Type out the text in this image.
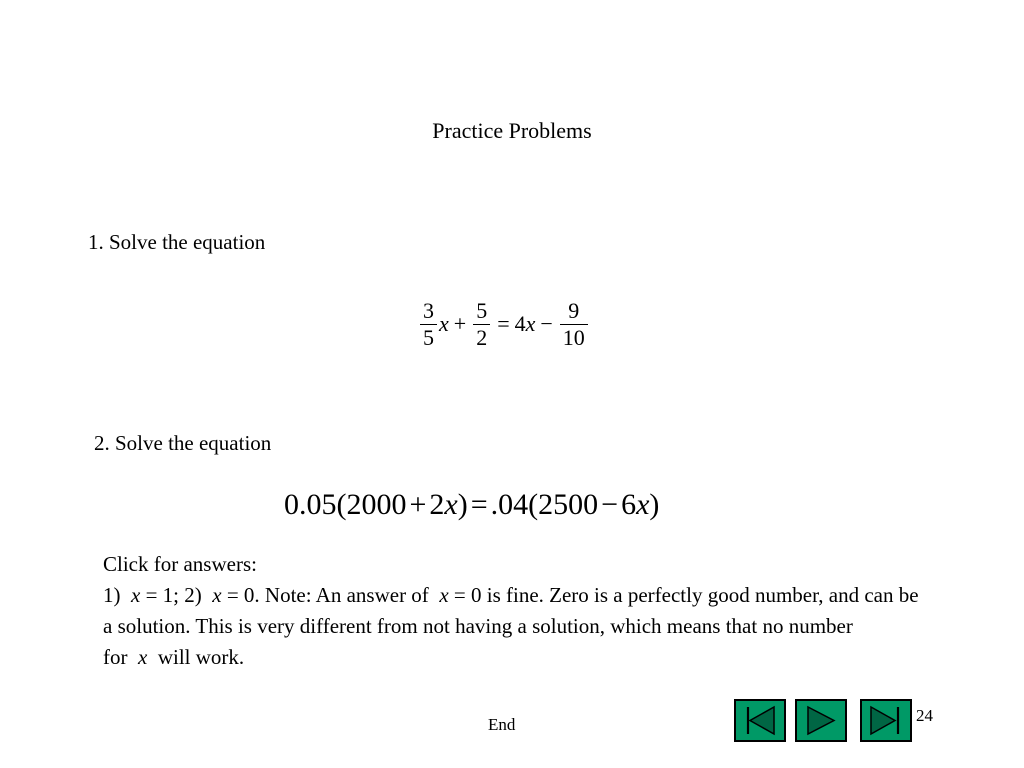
Practice Problems
1. Solve the equation
$\frac{3}{5}$ $x + \frac{5}{2} = 4$ $x - \frac{9}{10}$
2. Solve the equation
0.05(2000 + 2x) = .04(2500 − 6x)
Click for answers:
1) x = 1; 2) x = 0. Note: An answer of x = 0 is fine. Zero is a perfectly good number, and can be a solution. This is very different from not having a solution, which means that no number for x will work.
End	24
